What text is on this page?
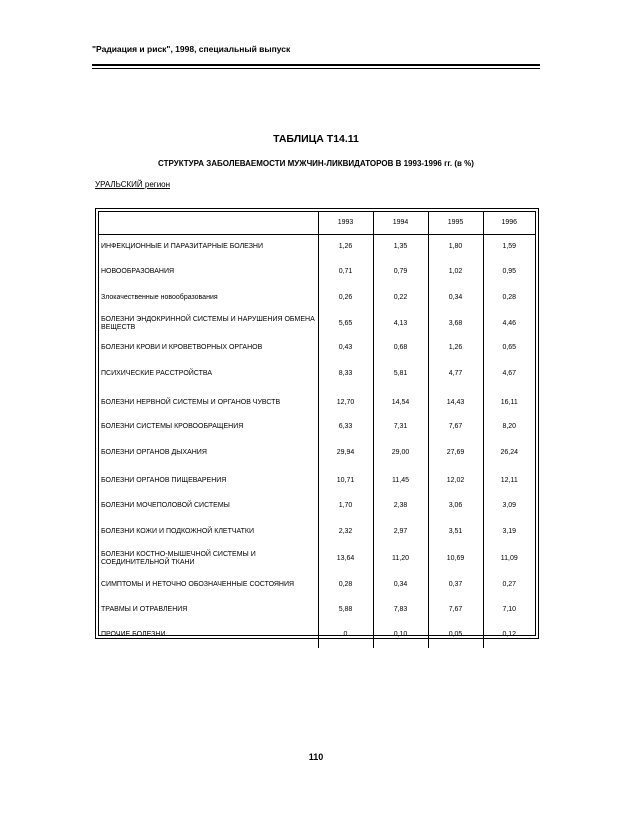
"Радиация и риск", 1998, специальный выпуск
ТАБЛИЦА Т14.11
СТРУКТУРА ЗАБОЛЕВАЕМОСТИ МУЖЧИН-ЛИКВИДАТОРОВ В 1993-1996 гг. (в %)
УРАЛЬСКИЙ регион
	1993	1994	1995	1996
ИНФЕКЦИОННЫЕ И ПАРАЗИТАРНЫЕ БОЛЕЗНИ	1,26	1,35	1,80	1,59
НОВООБРАЗОВАНИЯ	0,71	0,79	1,02	0,95
Злокачественные новообразования	0,26	0,22	0,34	0,28
БОЛЕЗНИ ЭНДОКРИННОЙ СИСТЕМЫ И НАРУШЕНИЯ ОБМЕНА ВЕЩЕСТВ	5,65	4,13	3,68	4,46
БОЛЕЗНИ КРОВИ И КРОВЕТВОРНЫХ ОРГАНОВ	0,43	0,68	1,26	0,65
ПСИХИЧЕСКИЕ РАССТРОЙСТВА	8,33	5,81	4,77	4,67
БОЛЕЗНИ НЕРВНОЙ СИСТЕМЫ И ОРГАНОВ ЧУВСТВ	12,70	14,54	14,43	16,11
БОЛЕЗНИ СИСТЕМЫ КРОВООБРАЩЕНИЯ	6,33	7,31	7,67	8,20
БОЛЕЗНИ ОРГАНОВ ДЫХАНИЯ	29,94	29,00	27,69	26,24
БОЛЕЗНИ ОРГАНОВ ПИЩЕВАРЕНИЯ	10,71	11,45	12,02	12,11
БОЛЕЗНИ МОЧЕПОЛОВОЙ СИСТЕМЫ	1,70	2,38	3,06	3,09
БОЛЕЗНИ КОЖИ И ПОДКОЖНОЙ КЛЕТЧАТКИ	2,32	2,97	3,51	3,19
БОЛЕЗНИ КОСТНО-МЫШЕЧНОЙ СИСТЕМЫ И СОЕДИНИТЕЛЬНОЙ ТКАНИ	13,64	11,20	10,69	11,09
СИМПТОМЫ И НЕТОЧНО ОБОЗНАЧЕННЫЕ СОСТОЯНИЯ	0,28	0,34	0,37	0,27
ТРАВМЫ И ОТРАВЛЕНИЯ	5,88	7,83	7,67	7,10
ПРОЧИЕ БОЛЕЗНИ	0	0,10	0,05	0,12
110
